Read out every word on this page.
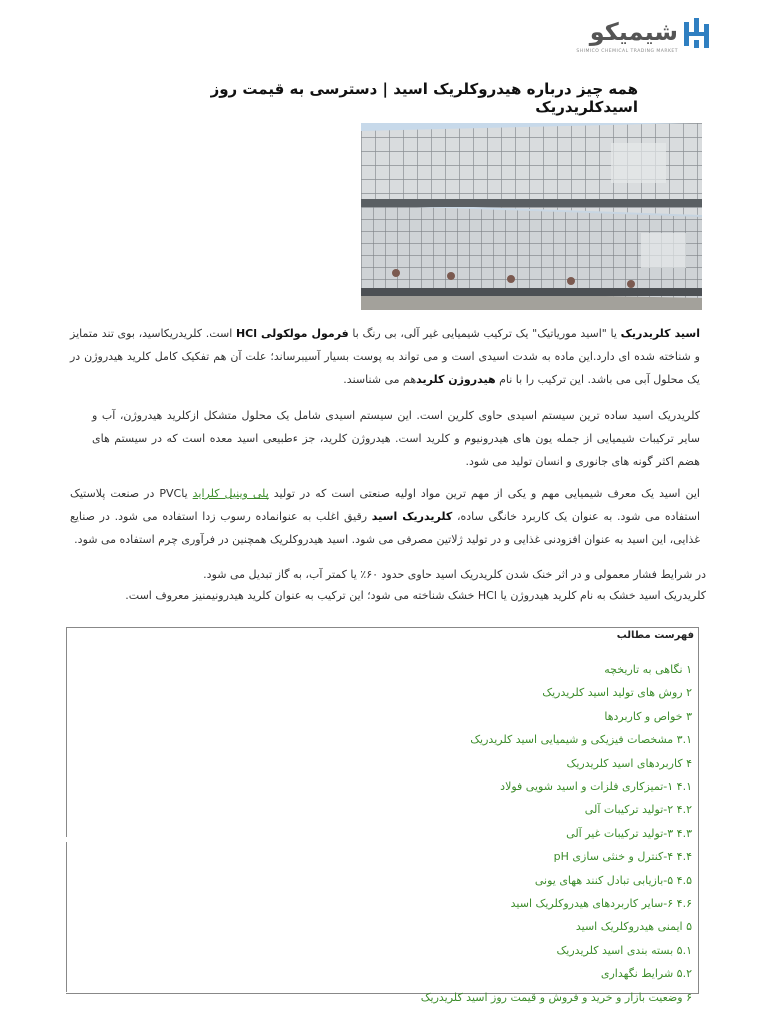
شیمیکو
SHIMICO CHEMICAL TRADING MARKET
همه چیز درباره هیدروکلریک اسید | دسترسی به قیمت روز اسیدکلریدریک
اسید کلریدریک یا "اسید موریاتیک" یک ترکیب شیمیایی غیر آلی، بی رنگ با فرمول مولکولی HCl است. کلریدریکاسید، بوی تند متمایز و شناخته شده ای دارد.این ماده به شدت اسیدی است و می تواند به پوست بسیار آسیبرساند؛ علت آن هم تفکیک کامل کلرید هیدروژن در یک محلول آبی می باشد. این ترکیب را با نام هیدروژن کلریدهم می شناسند.
کلریدریک اسید ساده ترین سیستم اسیدی حاوی کلرین است. این سیستم اسیدی شامل یک محلول متشکل ازکلرید هیدروژن، آب و سایر ترکیبات شیمیایی از جمله یون های هیدرونیوم و کلرید است. هیدروژن کلرید، جز ءطبیعی اسید معده است که در سیستم های هضم اکثر گونه های جانوری و انسان تولید می شود.
این اسید یک معرف شیمیایی مهم و یکی از مهم ترین مواد اولیه صنعتی است که در تولید پلی وینیل کلراید یاPVC در صنعت پلاستیک استفاده می شود. به عنوان یک کاربرد خانگی ساده، کلریدریک اسید رقیق اغلب به عنوانماده رسوب زدا استفاده می شود. در صنایع غذایی، این اسید به عنوان افزودنی غذایی و در تولید ژلاتین مصرفی می شود. اسید هیدروکلریک همچنین در فرآوری چرم استفاده می شود.
در شرایط فشار معمولی و در اثر خنک شدن کلریدریک اسید حاوی حدود ۶۰٪ یا کمتر آب، به گاز تبدیل می شود.
کلریدریک اسید خشک به نام کلرید هیدروژن یا HCl خشک شناخته می شود؛ این ترکیب به عنوان کلرید هیدرونیمنیز معروف است.
فهرست مطالب
۱ نگاهی به تاریخچه
۲ روش های تولید اسید کلریدریک
۳ خواص و کاربردها
۳.۱ مشخصات فیزیکی و شیمیایی اسید کلریدریک
۴ کاربردهای اسید کلریدریک
۴.۱ ۱-تمیزکاری فلزات و اسید شویی فولاد
۴.۲ ۲-تولید ترکیبات آلی
۴.۳ ۳-تولید ترکیبات غیر آلی
۴.۴ ۴-کنترل و خنثی سازی pH
۴.۵ ۵-بازیابی تبادل کنند ههای یونی
۴.۶ ۶-سایر کاربردهای هیدروکلریک اسید
۵ ایمنی هیدروکلریک اسید
۵.۱ بسته بندی اسید کلریدریک
۵.۲ شرایط نگهداری
۶ وضعیت بازار و خرید و فروش و قیمت روز اسید کلریدریک
